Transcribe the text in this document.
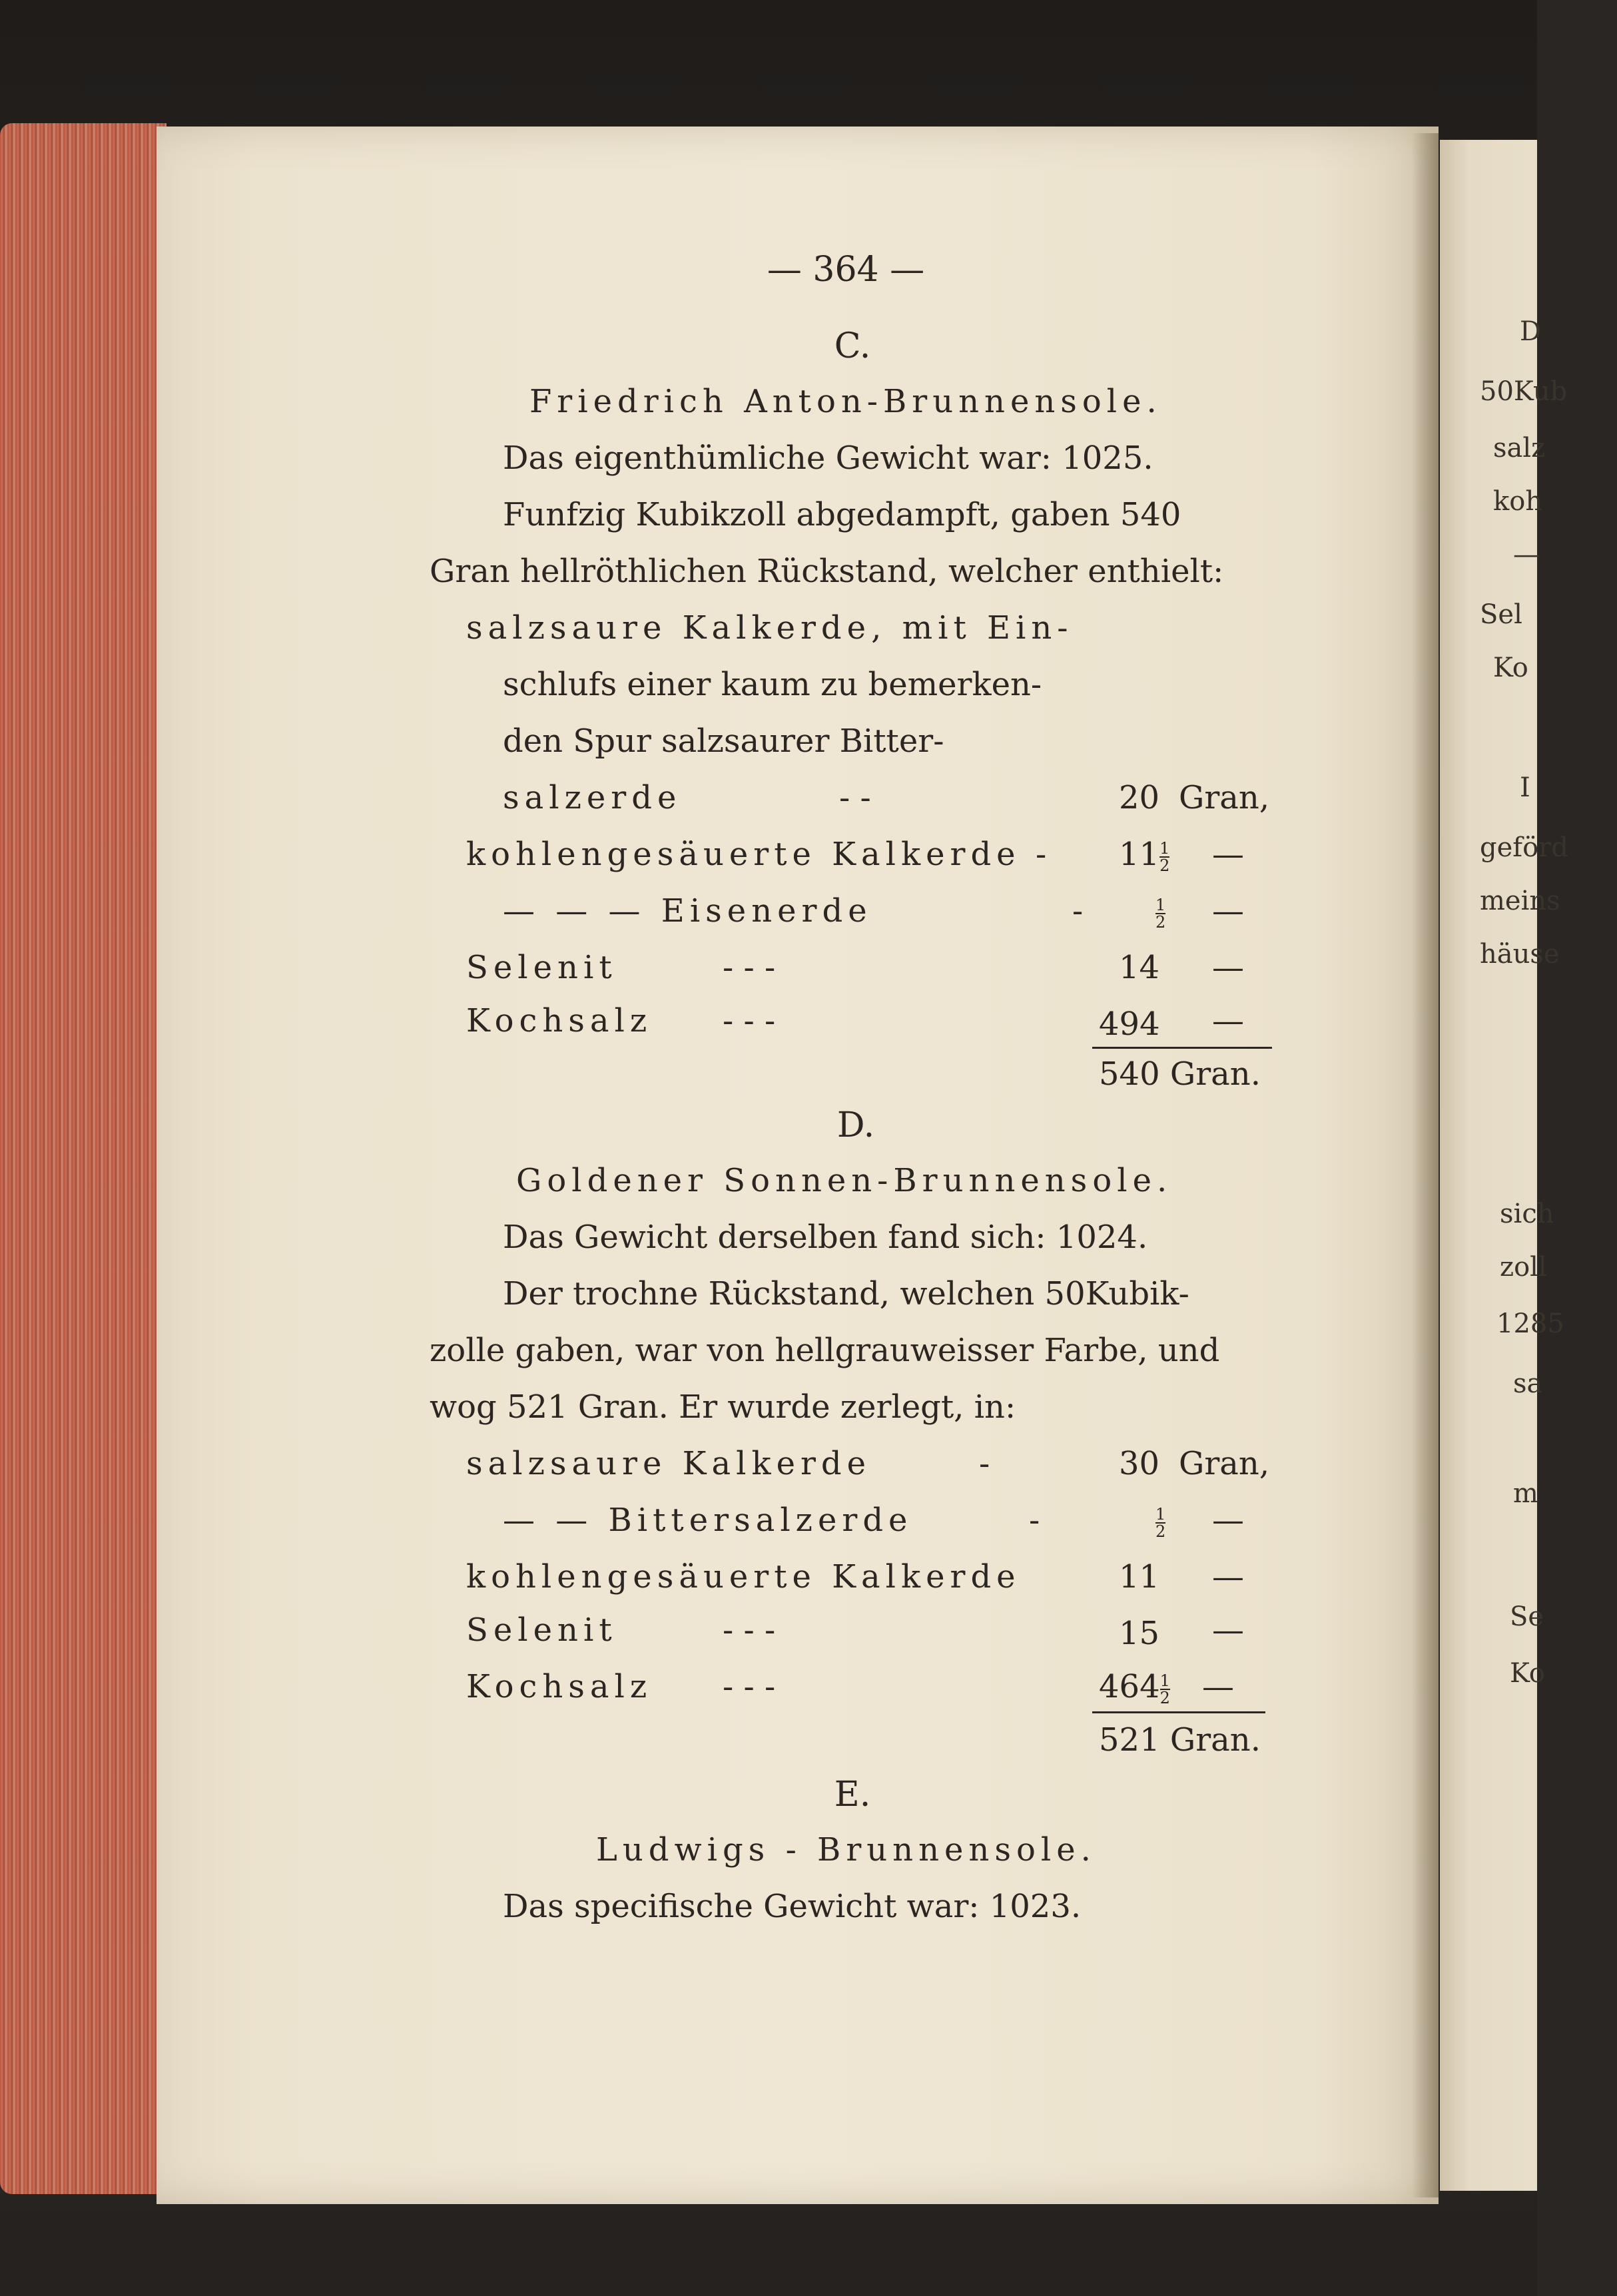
D
50Kub
salz
koh
—
Sel
Ko
I
geförd
meins
häuse
sich
zoll
1285
sa
m
Se
Ko
— 364 —
C.
Friedrich Anton-Brunnensole.
Das eigenthümliche Gewicht war: 1025.
Funfzig Kubikzoll abgedampft, gaben 540
Gran hellröthlichen Rückstand, welcher enthielt:
salzsaure Kalkerde, mit Ein-
schlufs einer kaum zu bemerken-
den Spur salzsaurer Bitter-
salzerde	- -	20 Gran,
kohlengesäuerte Kalkerde - $11 \frac{1}{2}$ —
— — — Eisenerde	-	$\frac{1}{2}$ —
Selenit	- - -	14 —
Kochsalz - - -	494 —
540 Gran.
D.
Goldener Sonnen-Brunnensole.
Das Gewicht derselben fand sich: 1024.
Der trochne Rückstand, welchen 50Kubik-
zolle gaben, war von hellgrauweisser Farbe, und
wog 521 Gran. Er wurde zerlegt, in:
salzsaure Kalkerde	-	30 Gran,
— — Bittersalzerde	-	$\frac{1}{2}$ —
kohlengesäuerte Kalkerde	11 —
Selenit	- - -	15 —
Kochsalz - - -	$464 \frac{1}{2}$ —
521 Gran.
E.
Ludwigs - Brunnensole.
Das specifische Gewicht war: 1023.
